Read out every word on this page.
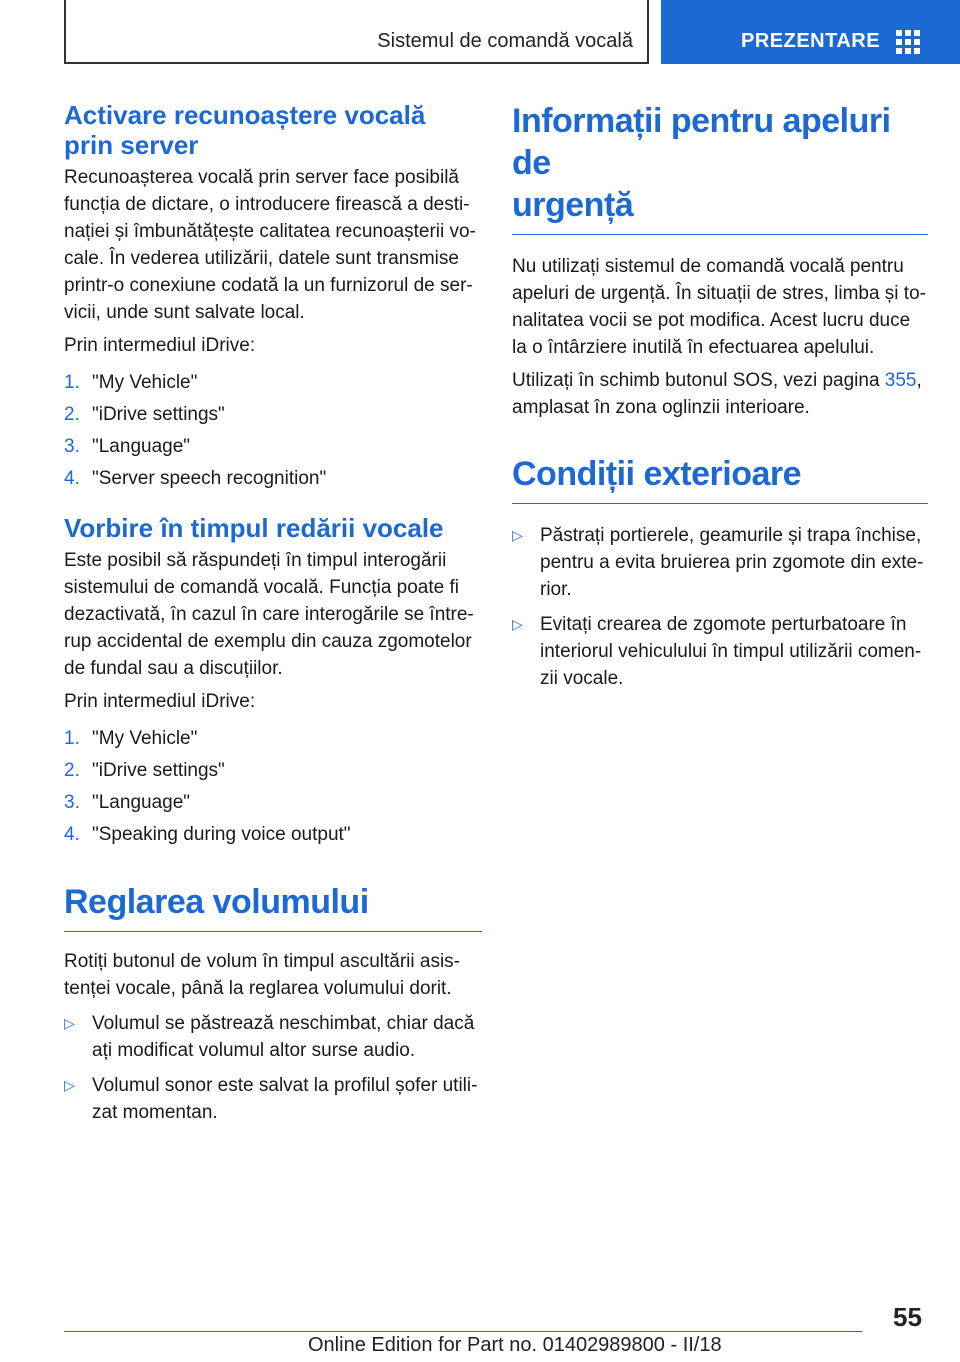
Sistemul de comandă vocală	PREZENTARE
Activare recunoaștere vocală
prin server

Recunoașterea vocală prin server face posibilă
funcția de dictare, o introducere firească a desti‐
nației și îmbunătățește calitatea recunoașterii vo‐
cale. În vederea utilizării, datele sunt transmise
printr-o conexiune codată la un furnizorul de ser‐
vicii, unde sunt salvate local.

Prin intermediul iDrive:

1. "My Vehicle"
2. "iDrive settings"
3. "Language"
4. "Server speech recognition"
Vorbire în timpul redării vocale

Este posibil să răspundeți în timpul interogării
sistemului de comandă vocală. Funcția poate fi
dezactivată, în cazul în care interogările se între‐
rup accidental de exemplu din cauza zgomotelor
de fundal sau a discuțiilor.

Prin intermediul iDrive:

1. "My Vehicle"
2. "iDrive settings"
3. "Language"
4. "Speaking during voice output"
Reglarea volumului

Rotiți butonul de volum în timpul ascultării asis‐
tenței vocale, până la reglarea volumului dorit.

▷ Volumul se păstrează neschimbat, chiar dacă
ați modificat volumul altor surse audio.
▷ Volumul sonor este salvat la profilul șofer utili‐
zat momentan.
Informații pentru apeluri de
urgență

Nu utilizați sistemul de comandă vocală pentru
apeluri de urgență. În situații de stres, limba și to‐
nalitatea vocii se pot modifica. Acest lucru duce
la o întârziere inutilă în efectuarea apelului.

Utilizați în schimb butonul SOS, vezi pagina 355,
amplasat în zona oglinzii interioare.

Condiții exterioare
▷ Păstrați portierele, geamurile și trapa închise,
pentru a evita bruierea prin zgomote din exte‐
rior.
▷ Evitați crearea de zgomote perturbatoare în
interiorul vehiculului în timpul utilizării comen‐
zii vocale.
55
Online Edition for Part no. 01402989800 - II/18
